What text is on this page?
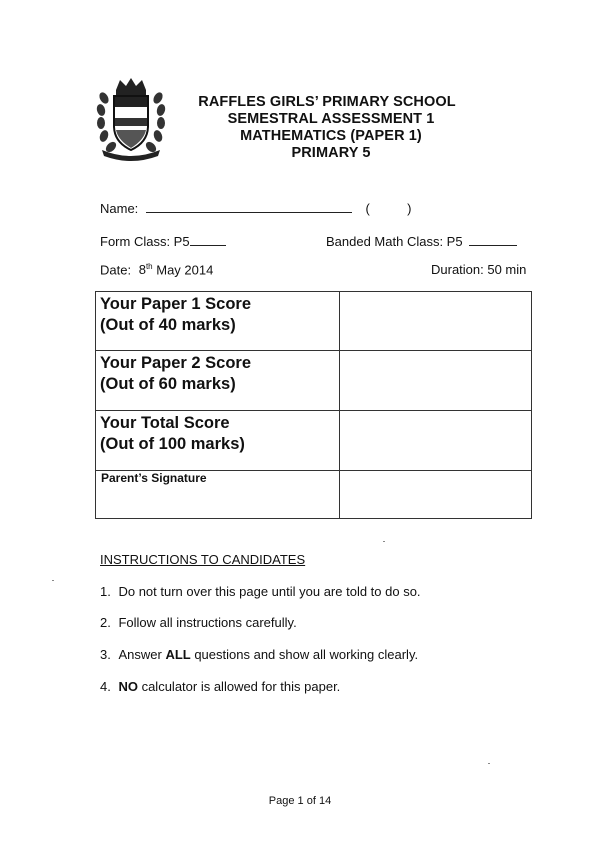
RAFFLES GIRLS’ PRIMARY SCHOOL
SEMESTRAL ASSESSMENT 1
MATHEMATICS (PAPER 1)
PRIMARY 5
Name:	(	)
Form Class: P5	Banded Math Class: P5
Date: 8th May 2014	Duration: 50 min
Your Paper 1 Score
(Out of 40 marks)	

Your Paper 2 Score
(Out of 60 marks)	

Your Total Score
(Out of 100 marks)	

Parent’s Signature	
INSTRUCTIONS TO CANDIDATES
1. Do not turn over this page until you are told to do so.
2. Follow all instructions carefully.
3. Answer ALL questions and show all working clearly.
4. NO calculator is allowed for this paper.
Page 1 of 14
